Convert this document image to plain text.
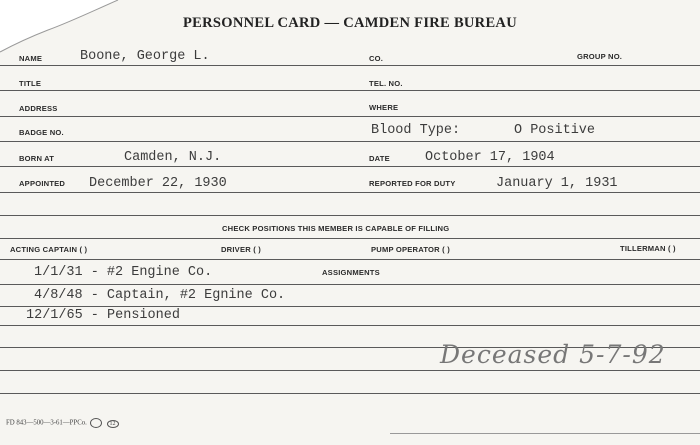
PERSONNEL CARD — CAMDEN FIRE BUREAU
NAME	Boone, George L.	CO.	GROUP NO.
TITLE	TEL. NO.
ADDRESS	WHERE
BADGE NO.	Blood Type:	O Positive
BORN AT	Camden, N.J.	DATE	October 17, 1904
APPOINTED December 22, 1930	REPORTED FOR DUTY	January 1, 1931
CHECK POSITIONS THIS MEMBER IS CAPABLE OF FILLING
ACTING CAPTAIN ( )	DRIVER ( )	PUMP OPERATOR ( )	TILLERMAN ( )
ASSIGNMENTS
1/1/31 - #2 Engine Co.
4/8/48 - Captain, #2 Egnine Co.
12/1/65 - Pensioned
Deceased 5-7-92
FD 843—500—3-61—PPCo.	12
